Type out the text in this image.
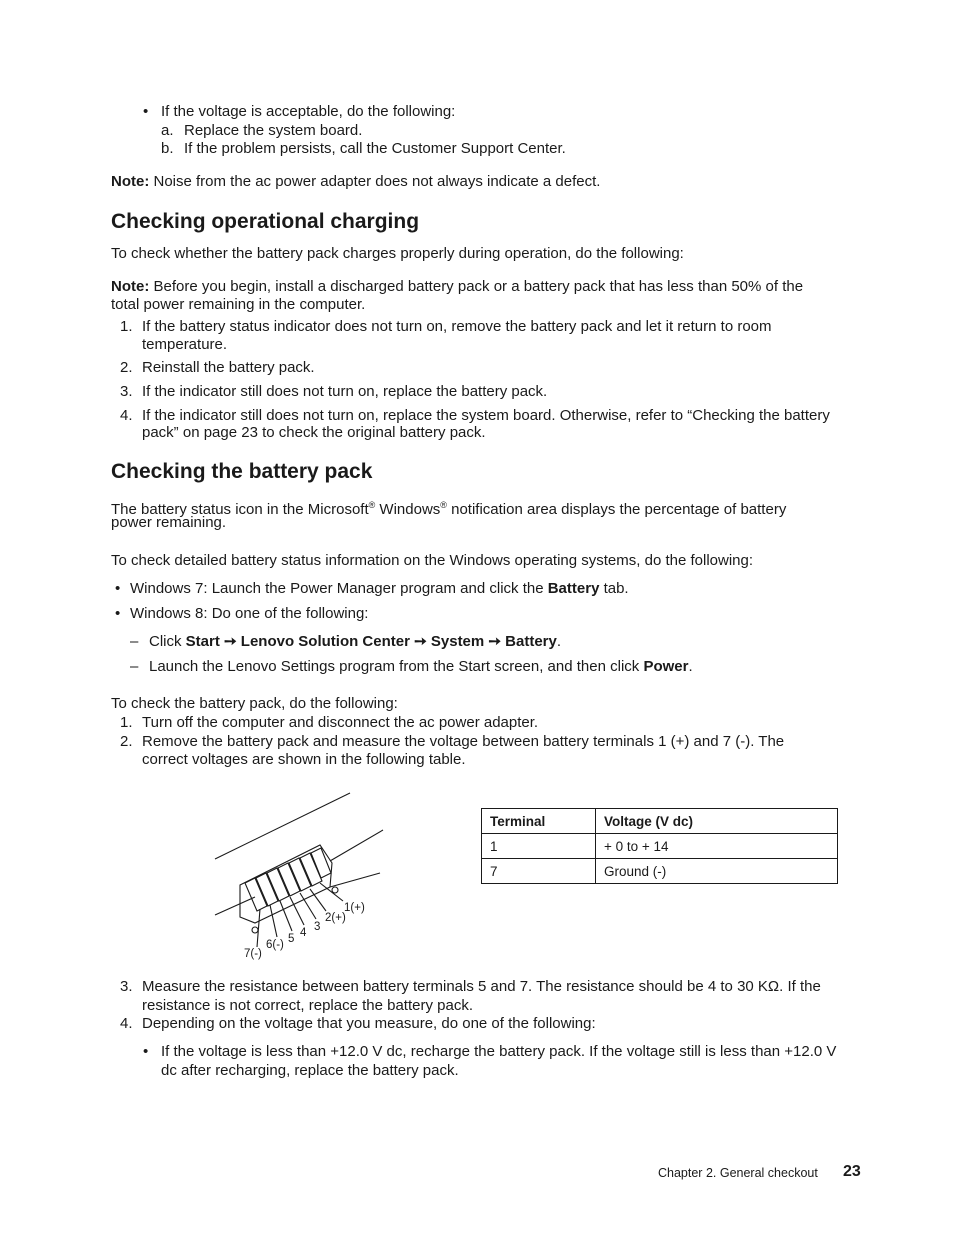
• If the voltage is acceptable, do the following:
a. Replace the system board.
b. If the problem persists, call the Customer Support Center.
Note: Noise from the ac power adapter does not always indicate a defect.
Checking operational charging
To check whether the battery pack charges properly during operation, do the following:
Note: Before you begin, install a discharged battery pack or a battery pack that has less than 50% of the
total power remaining in the computer.
1. If the battery status indicator does not turn on, remove the battery pack and let it return to room
temperature.
2. Reinstall the battery pack.
3. If the indicator still does not turn on, replace the battery pack.
4. If the indicator still does not turn on, replace the system board. Otherwise, refer to “Checking the battery
pack” on page 23 to check the original battery pack.
Checking the battery pack
The battery status icon in the Microsoft® Windows® notification area displays the percentage of battery
power remaining.
To check detailed battery status information on the Windows operating systems, do the following:
• Windows 7: Launch the Power Manager program and click the Battery tab.
• Windows 8: Do one of the following:
– Click Start ➙ Lenovo Solution Center ➙ System ➙ Battery.
– Launch the Lenovo Settings program from the Start screen, and then click Power.
To check the battery pack, do the following:
1. Turn off the computer and disconnect the ac power adapter.
2. Remove the battery pack and measure the voltage between battery terminals 1 (+) and 7 (-). The
correct voltages are shown in the following table.
1(+)
2(+)
3
4
5
6(-)
7(-)
Terminal	Voltage (V dc)
1	+ 0 to + 14
7	Ground (-)
3. Measure the resistance between battery terminals 5 and 7. The resistance should be 4 to 30 KΩ. If the
resistance is not correct, replace the battery pack.
4. Depending on the voltage that you measure, do one of the following:
• If the voltage is less than +12.0 V dc, recharge the battery pack. If the voltage still is less than +12.0 V
dc after recharging, replace the battery pack.
Chapter 2. General checkout 23
